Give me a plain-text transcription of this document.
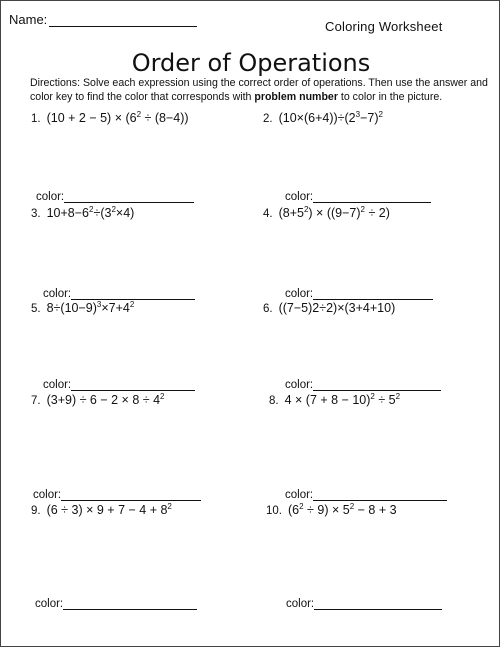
Name:	Coloring Worksheet
Order of Operations
Directions: Solve each expression using the correct order of operations. Then use the answer and color key to find the color that corresponds with problem number to color in the picture.
1. $(10 + 2 - 5) \times (6^2 \div (8-4))$	2. $(10\times(6+4))\div(2^3-7)^2$
color:	color:
3. $10+8-6^2\div(3^2\times 4)$	4. $(8+5^2) \times ((9-7)^2 \div 2)$
color:	color:
5. $8\div(10-9)^3\times 7+4^2$	6. ((7−5)2÷2)×(3+4+10)
color:	color:
7. $(3+9) \div 6 - 2 \times 8 \div 4^2$	8. $4 \times (7 + 8 - 10)^2 \div 5^2$
color:	color:
9. $(6 \div 3) \times 9 + 7 - 4 + 8^2$	10. $(6^2 \div 9) \times 5^2 - 8 + 3$
color:	color:
